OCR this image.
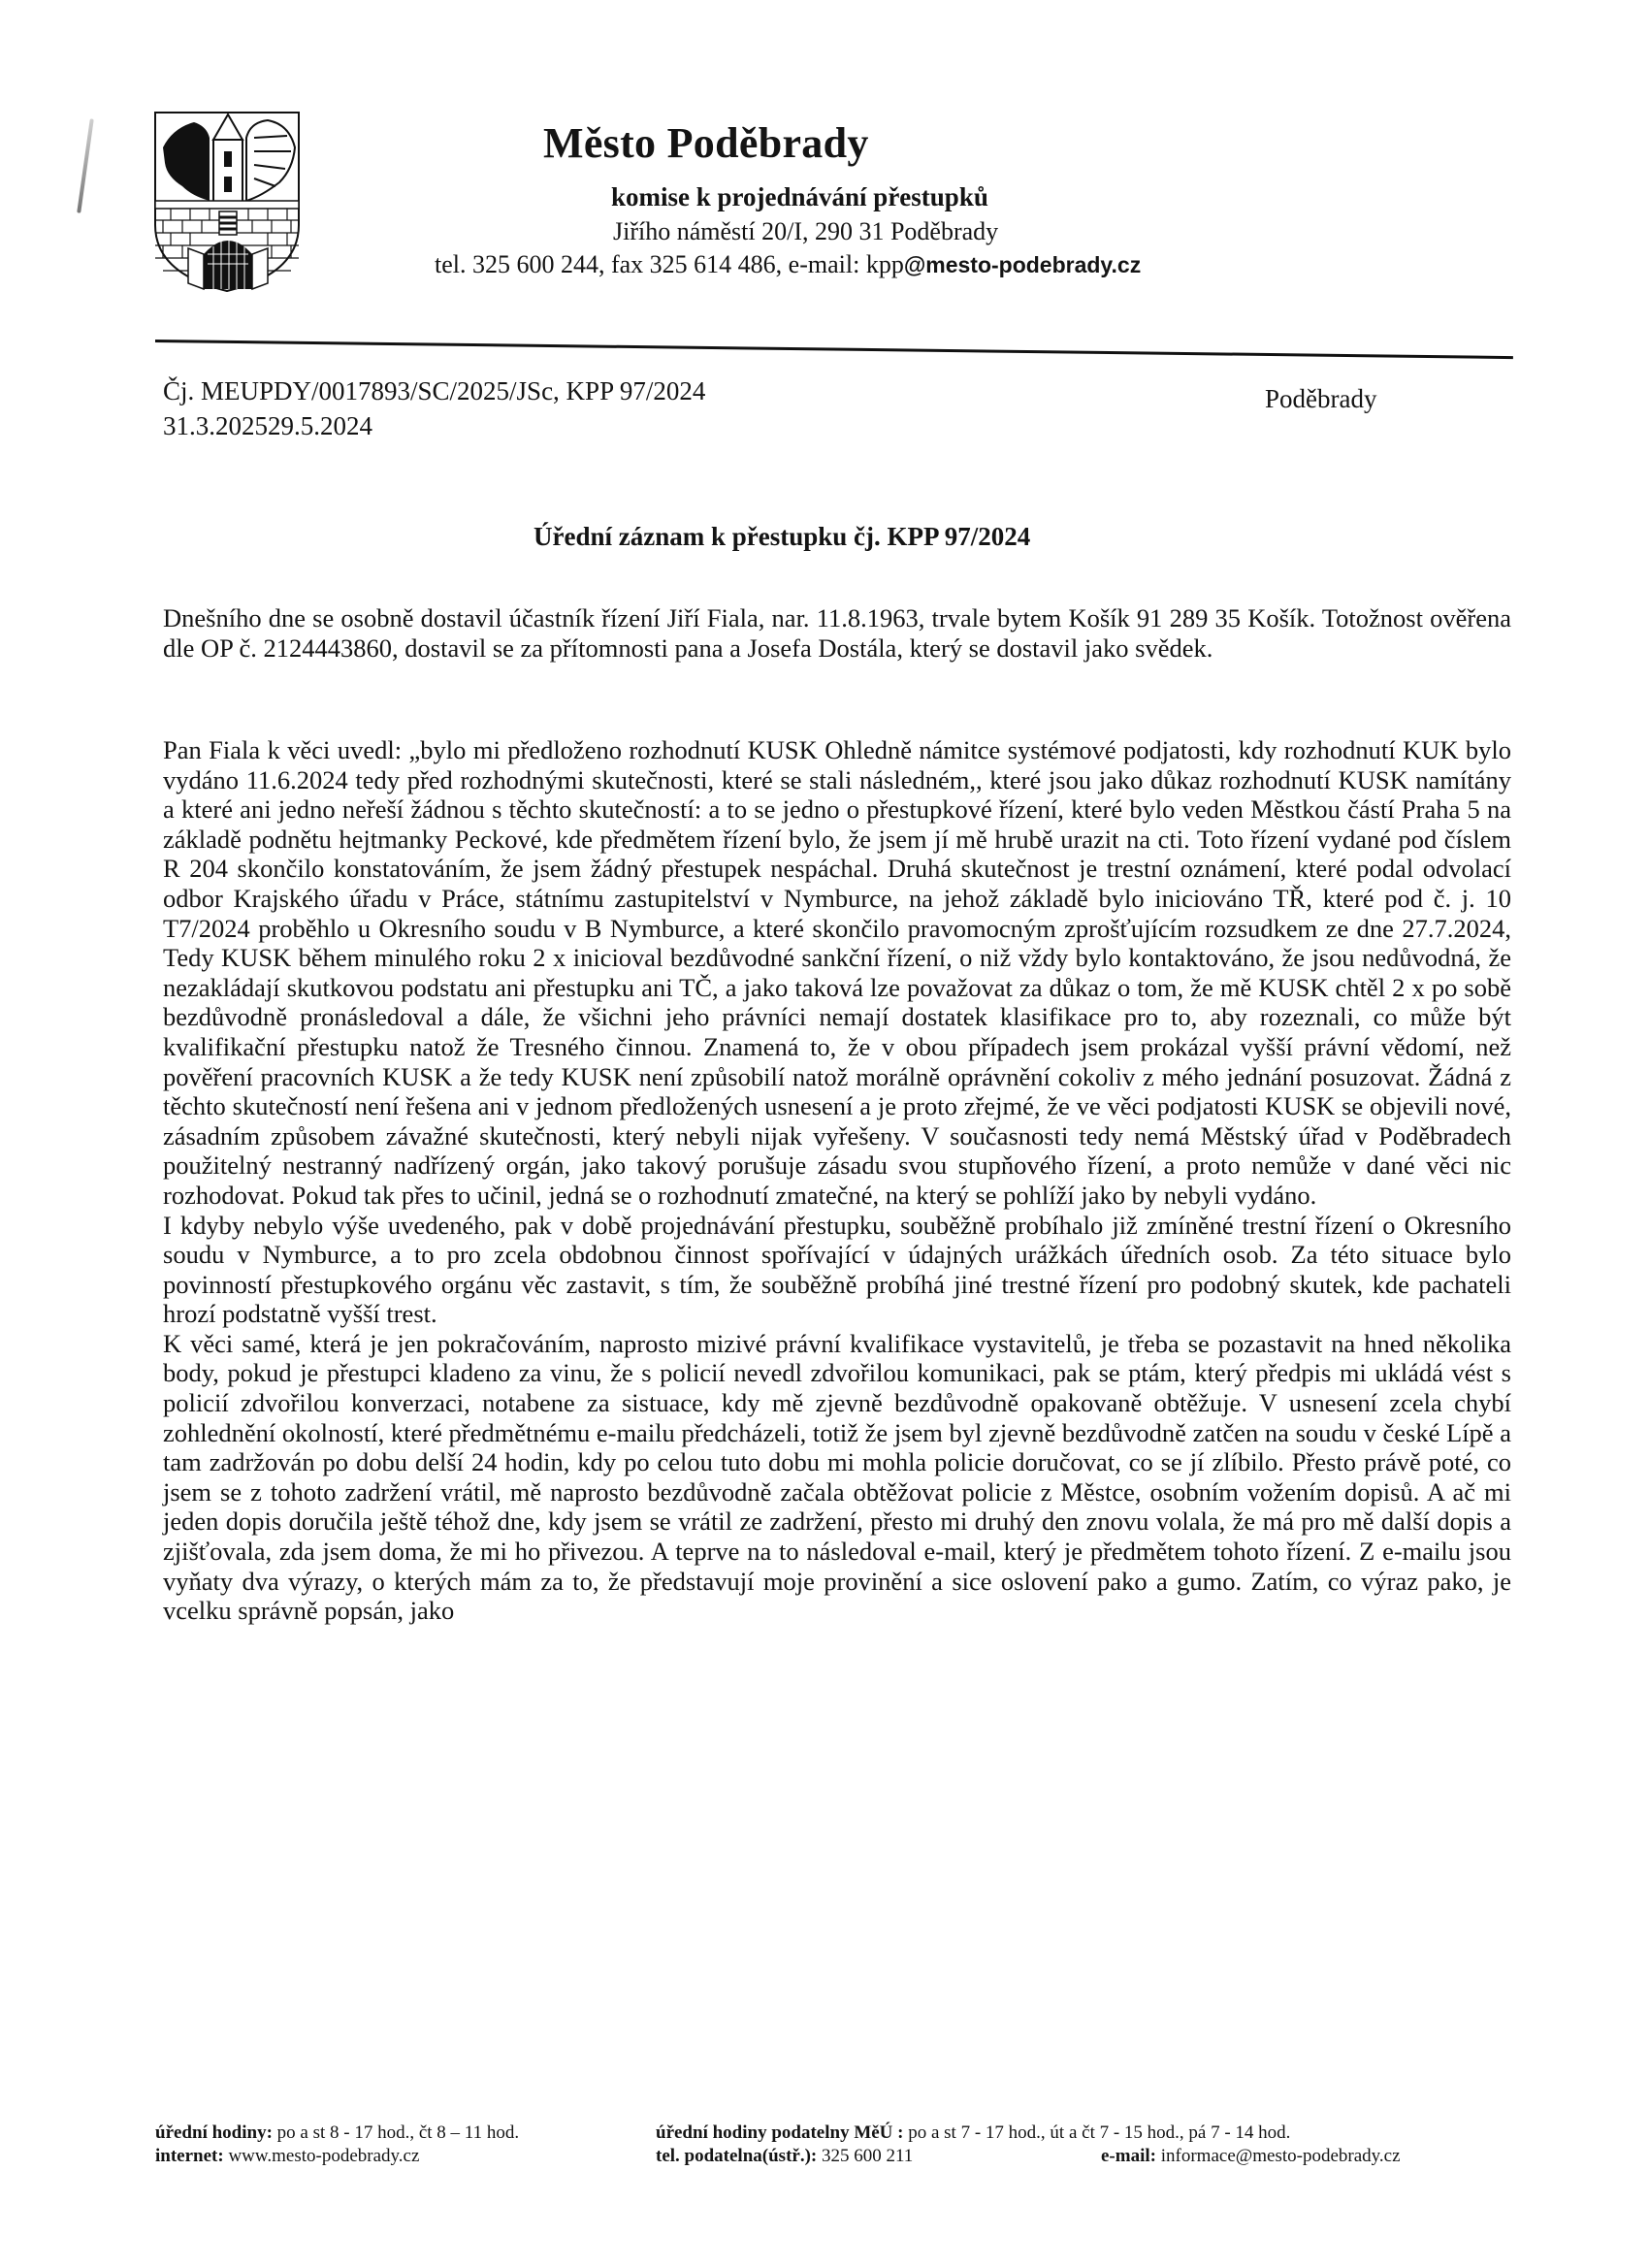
Město Poděbrady
komise k projednávání přestupků
Jiřího náměstí 20/I, 290 31 Poděbrady
tel. 325 600 244, fax 325 614 486, e-mail: kpp@mesto-podebrady.cz
Čj. MEUPDY/0017893/SC/2025/JSc, KPP 97/2024
31.3.202529.5.2024
Poděbrady
Úřední záznam k přestupku čj. KPP 97/2024

Dnešního dne se osobně dostavil účastník řízení Jiří Fiala, nar. 11.8.1963, trvale bytem Košík 91 289 35 Košík. Totožnost ověřena dle OP č. 2124443860, dostavil se za přítomnosti pana a Josefa Dostála, který se dostavil jako svědek.

Pan Fiala k věci uvedl: „bylo mi předloženo rozhodnutí KUSK Ohledně námitce systémové podjatosti, kdy rozhodnutí KUK bylo vydáno 11.6.2024 tedy před rozhodnými skutečnosti, které se stali následném,, které jsou jako důkaz rozhodnutí KUSK namítány a které ani jedno neřeší žádnou s těchto skutečností: a to se jedno o přestupkové řízení, které bylo veden Městkou částí Praha 5 na základě podnětu hejtmanky Peckové, kde předmětem řízení bylo, že jsem jí mě hrubě urazit na cti. Toto řízení vydané pod číslem R 204 skončilo konstatováním, že jsem žádný přestupek nespáchal. Druhá skutečnost je trestní oznámení, které podal odvolací odbor Krajského úřadu v Práce, státnímu zastupitelství v Nymburce, na jehož základě bylo iniciováno TŘ, které pod č. j. 10 T7/2024 proběhlo u Okresního soudu v B Nymburce, a které skončilo pravomocným zprošťujícím rozsudkem ze dne 27.7.2024, Tedy KUSK během minulého roku 2 x inicioval bezdůvodné sankční řízení, o niž vždy bylo kontaktováno, že jsou nedůvodná, že nezakládají skutkovou podstatu ani přestupku ani TČ, a jako taková lze považovat za důkaz o tom, že mě KUSK chtěl 2 x po sobě bezdůvodně pronásledoval a dále, že všichni jeho právníci nemají dostatek klasifikace pro to, aby rozeznali, co může být kvalifikační přestupku natož že Tresného činnou. Znamená to, že v obou případech jsem prokázal vyšší právní vědomí, než pověření pracovních KUSK a že tedy KUSK není způsobilí natož morálně oprávnění cokoliv z mého jednání posuzovat. Žádná z těchto skutečností není řešena ani v jednom předložených usnesení a je proto zřejmé, že ve věci podjatosti KUSK se objevili nové, zásadním způsobem závažné skutečnosti, který nebyli nijak vyřešeny. V současnosti tedy nemá Městský úřad v Poděbradech použitelný nestranný nadřízený orgán, jako takový porušuje zásadu svou stupňového řízení, a proto nemůže v dané věci nic rozhodovat. Pokud tak přes to učinil, jedná se o rozhodnutí zmatečné, na který se pohlíží jako by nebyli vydáno.

I kdyby nebylo výše uvedeného, pak v době projednávání přestupku, souběžně probíhalo již zmíněné trestní řízení o Okresního soudu v Nymburce, a to pro zcela obdobnou činnost spořívající v údajných urážkách úředních osob. Za této situace bylo povinností přestupkového orgánu věc zastavit, s tím, že souběžně probíhá jiné trestné řízení pro podobný skutek, kde pachateli hrozí podstatně vyšší trest.

K věci samé, která je jen pokračováním, naprosto mizivé právní kvalifikace vystavitelů, je třeba se pozastavit na hned několika body, pokud je přestupci kladeno za vinu, že s policií nevedl zdvořilou komunikaci, pak se ptám, který předpis mi ukládá vést s policií zdvořilou konverzaci, notabene za sistuace, kdy mě zjevně bezdůvodně opakovaně obtěžuje. V usnesení zcela chybí zohlednění okolností, které předmětnému e-mailu předcházeli, totiž že jsem byl zjevně bezdůvodně zatčen na soudu v české Lípě a tam zadržován po dobu delší 24 hodin, kdy po celou tuto dobu mi mohla policie doručovat, co se jí zlíbilo. Přesto právě poté, co jsem se z tohoto zadržení vrátil, mě naprosto bezdůvodně začala obtěžovat policie z Městce, osobním vožením dopisů. A ač mi jeden dopis doručila ještě téhož dne, kdy jsem se vrátil ze zadržení, přesto mi druhý den znovu volala, že má pro mě další dopis a zjišťovala, zda jsem doma, že mi ho přivezou. A teprve na to následoval e-mail, který je předmětem tohoto řízení. Z e-mailu jsou vyňaty dva výrazy, o kterých mám za to, že představují moje provinění a sice oslovení pako a gumo. Zatím, co výraz pako, je vcelku správně popsán, jako

úřední hodiny: po a st 8 - 17 hod., čt 8 – 11 hod.	úřední hodiny podatelny MěÚ : po a st 7 - 17 hod., út a čt 7 - 15 hod., pá 7 - 14 hod.
internet: www.mesto-podebrady.cz	tel. podatelna(ústř.): 325 600 211	e-mail: informace@mesto-podebrady.cz
